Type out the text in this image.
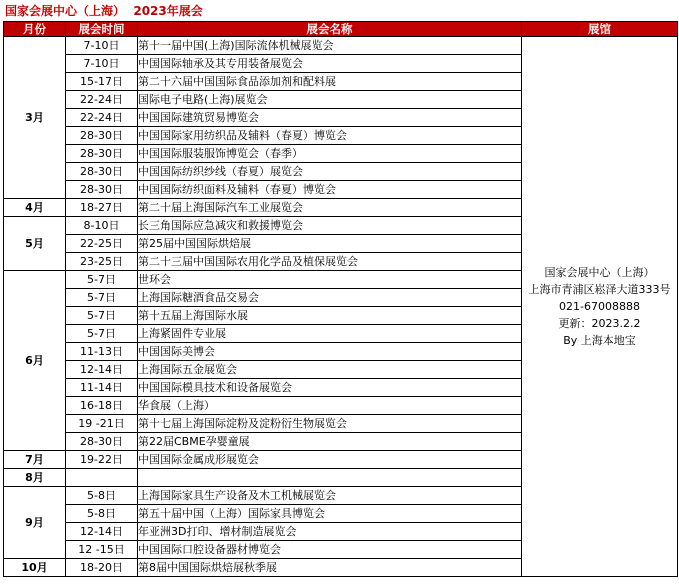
国家会展中心（上海）  2023年展会
月份	展会时间	展会名称	展馆
3月	7-10日	第十一届中国(上海)国际流体机械展览会	国家会展中心（上海）
上海市青浦区崧泽大道333号
021-67008888
更新：2023.2.2
By 上海本地宝

	7-10日	中国国际轴承及其专用装备展览会	
	15-17日	第二十六届中国国际食品添加剂和配料展	
	22-24日	国际电子电路(上海)展览会	
	22-24日	中国国际建筑贸易博览会	
	28-30日	中国国际家用纺织品及辅料（春夏）博览会	
	28-30日	中国国际服装服饰博览会（春季）	
	28-30日	中国国际纺织纱线（春夏）展览会	
	28-30日	中国国际纺织面料及辅料（春夏）博览会	
4月	18-27日	第二十届上海国际汽车工业展览会	
5月	8-10日	长三角国际应急减灾和救援博览会	
	22-25日	第25届中国国际烘焙展	
	23-25日	第二十三届中国国际农用化学品及植保展览会	
6月	5-7日	世环会	
	5-7日	上海国际糖酒食品交易会	
	5-7日	第十五届上海国际水展	
	5-7日	上海紧固件专业展	
	11-13日	中国国际美博会	
	12-14日	上海国际五金展览会	
	11-14日	中国国际模具技术和设备展览会	
	16-18日	华食展（上海）	
	19 -21日	第十七届上海国际淀粉及淀粉衍生物展览会	
	28-30日	第22届CBME孕婴童展	
7月	19-22日	中国国际金属成形展览会	
8月			
9月	5-8日	上海国际家具生产设备及木工机械展览会	
	5-8日	第五十届中国（上海）国际家具博览会	
	12-14日	年亚洲3D打印、增材制造展览会	
	12 -15日	中国国际口腔设备器材博览会	
10月	18-20日	第8届中国国际烘焙展秋季展	
